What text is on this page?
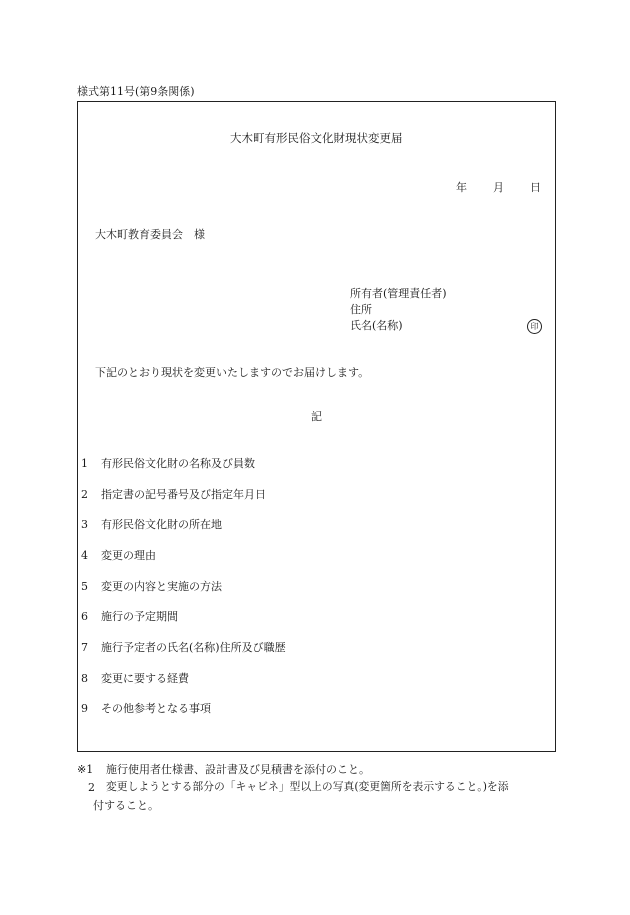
様式第11号(第9条関係)
大木町有形民俗文化財現状変更届
年 月 日
大木町教育委員会　様
所有者(管理責任者)
住所
氏名(名称)	印
下記のとおり現状を変更いたしますのでお届けします。
記
1 有形民俗文化財の名称及び員数
2 指定書の記号番号及び指定年月日
3 有形民俗文化財の所在地
4 変更の理由
5 変更の内容と実施の方法
6 施行の予定期間
7 施行予定者の氏名(名称)住所及び職歴
8 変更に要する経費
9 その他参考となる事項
※1 施行使用者仕様書、設計書及び見積書を添付のこと。
2 変更しようとする部分の「キャビネ」型以上の写真(変更箇所を表示すること。)を添
付すること。
